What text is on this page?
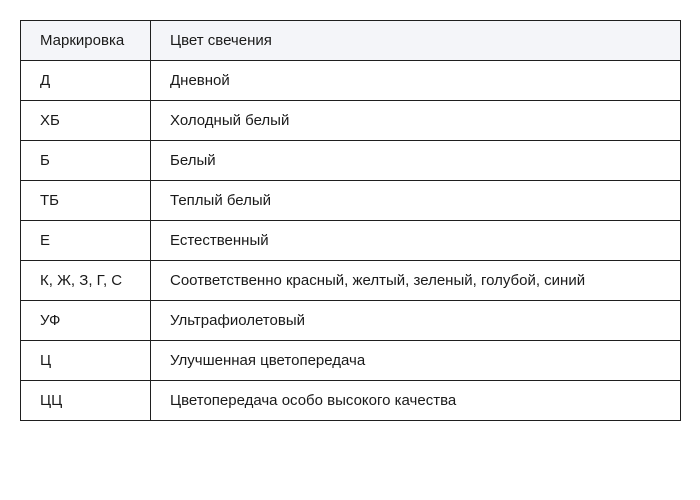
Маркировка	Цвет свечения
Д	Дневной
ХБ	Холодный белый
Б	Белый
ТБ	Теплый белый
Е	Естественный
К, Ж, З, Г, С	Соответственно красный, желтый, зеленый, голубой, синий
УФ	Ультрафиолетовый
Ц	Улучшенная цветопередача
ЦЦ	Цветопередача особо высокого качества
